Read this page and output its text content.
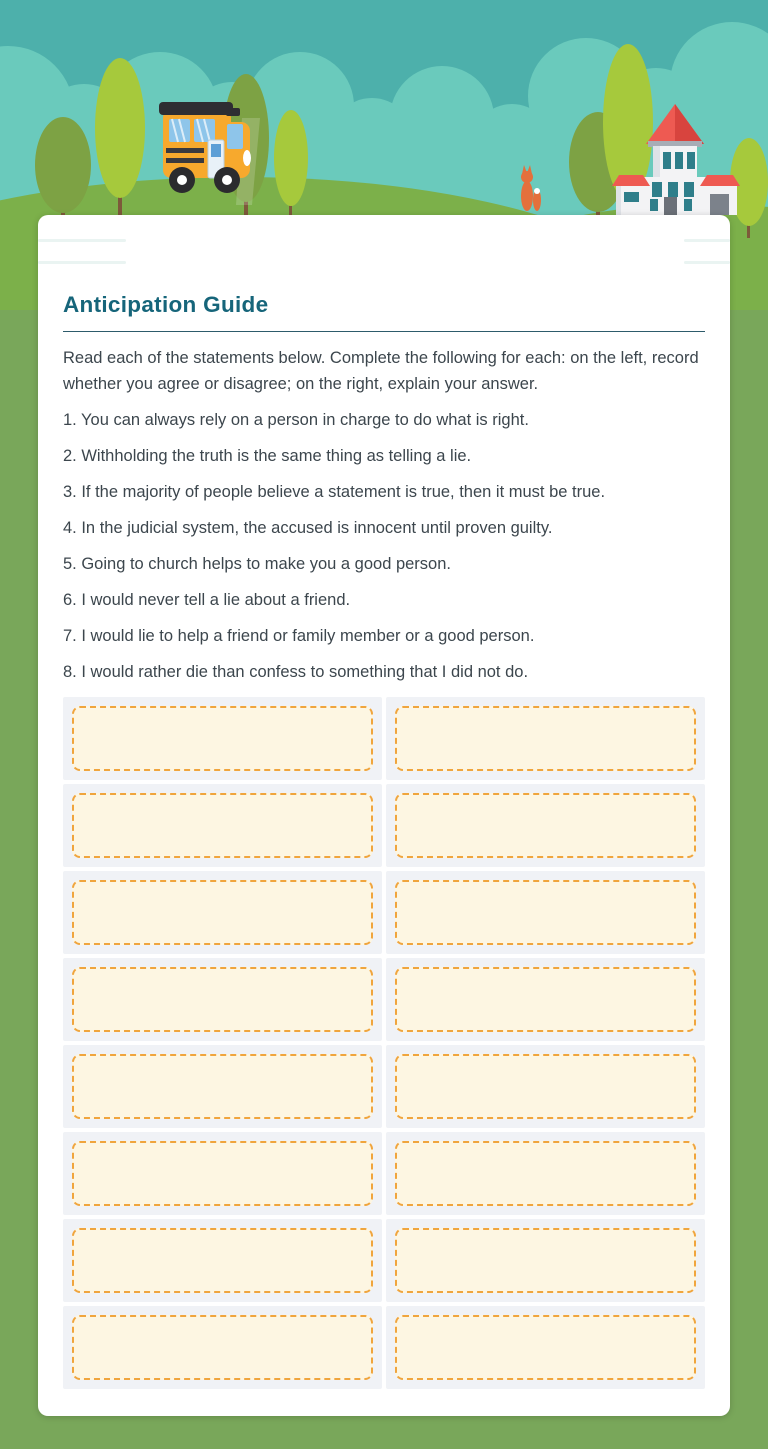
Anticipation Guide

Read each of the statements below. Complete the following for each: on the left, record whether you agree or disagree; on the right, explain your answer.

1. You can always rely on a person in charge to do what is right.

2. Withholding the truth is the same thing as telling a lie.

3. If the majority of people believe a statement is true, then it must be true.

4. In the judicial system, the accused is innocent until proven guilty.

5. Going to church helps to make you a good person.

6. I would never tell a lie about a friend.

7. I would lie to help a friend or family member or a good person.

8. I would rather die than confess to something that I did not do.
